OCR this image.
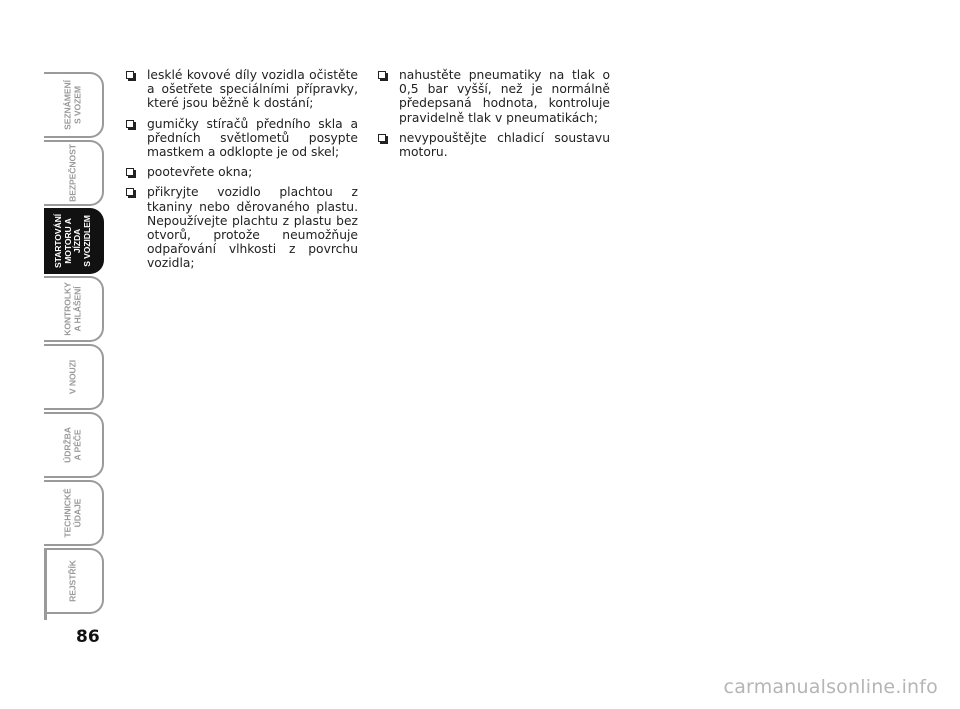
SEZNÁMENÍ
S VOZEM
BEZPEČNOST
STARTOVÁNÍ
MOTORU A JÍZDA
S VOZIDLEM
KONTROLKY
A HLÁŠENÍ
V NOUZI
ÚDRŽBA
A PÉČE
TECHNICKÉ
ÚDAJE
REJSTŘÍK
86
lesklé kovové díly vozidla očistěte a ošetřete speciálními přípravky, které jsou běžně k dostání;
gumičky stíračů předního skla a předních světlometů posypte mastkem a odklopte je od skel;
pootevřete okna;
přikryjte vozidlo plachtou z tkaniny nebo děrovaného plastu. Nepoužívejte plachtu z plastu bez otvorů, protože neumožňuje odpařování vlhkosti z povrchu vozidla;
nahustěte pneumatiky na tlak o 0,5 bar vyšší, než je normálně předepsaná hodnota, kontroluje pravidelně tlak v pneumatikách;
nevypouštějte chladicí soustavu motoru.
carmanualsonline.info
